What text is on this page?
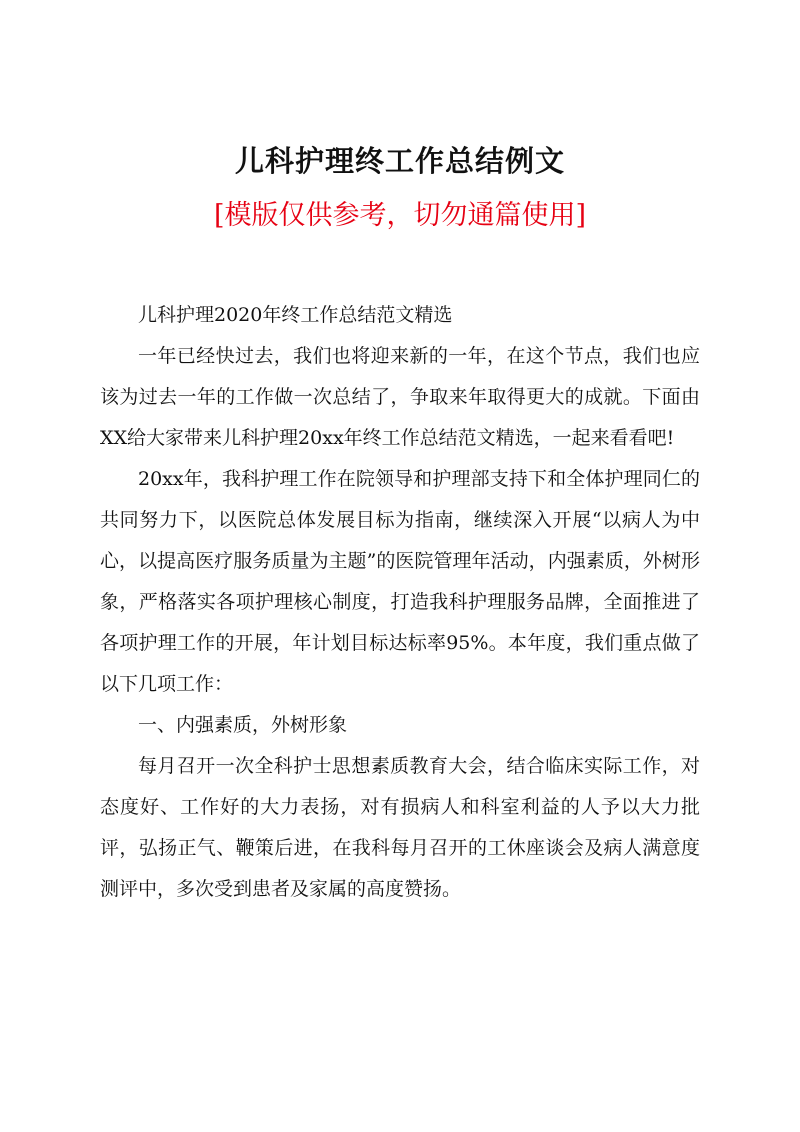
儿科护理终工作总结例文
[模版仅供参考，切勿通篇使用]

儿科护理2020年终工作总结范文精选

一年已经快过去，我们也将迎来新的一年，在这个节点，我们也应该为过去一年的工作做一次总结了，争取来年取得更大的成就。下面由XX给大家带来儿科护理20xx年终工作总结范文精选，一起来看看吧!

20xx年，我科护理工作在院领导和护理部支持下和全体护理同仁的共同努力下，以医院总体发展目标为指南，继续深入开展“以病人为中心，以提高医疗服务质量为主题”的医院管理年活动，内强素质，外树形象，严格落实各项护理核心制度，打造我科护理服务品牌，全面推进了各项护理工作的开展，年计划目标达标率95%。本年度，我们重点做了以下几项工作：

一、内强素质，外树形象

每月召开一次全科护士思想素质教育大会，结合临床实际工作，对态度好、工作好的大力表扬，对有损病人和科室利益的人予以大力批评，弘扬正气、鞭策后进，在我科每月召开的工休座谈会及病人满意度测评中，多次受到患者及家属的高度赞扬。
